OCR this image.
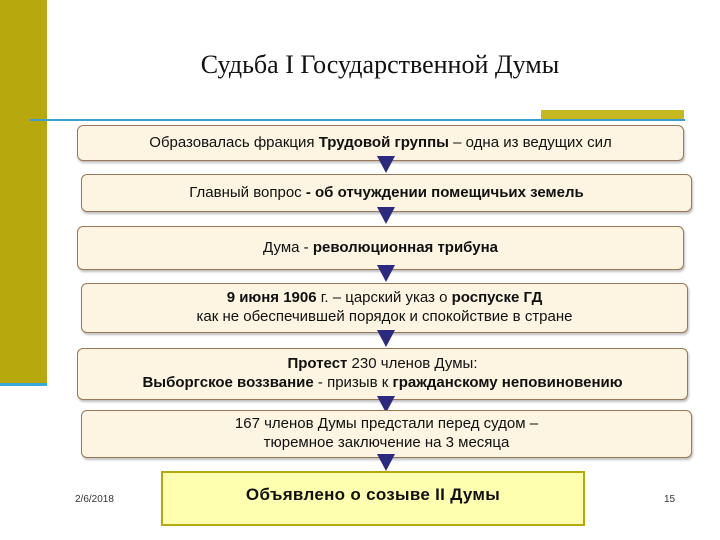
Судьба I Государственной Думы
Образовалась фракция Трудовой группы – одна из ведущих сил
Главный вопрос - об отчуждении помещичьих земель
Дума - революционная трибуна
9 июня 1906 г. – царский указ о роспуске ГД
как не обеспечившей порядок и спокойствие в стране
Протест 230 членов Думы:
Выборгское воззвание - призыв к гражданскому неповиновению
167 членов Думы предстали перед судом –
тюремное заключение на 3 месяца
Объявлено о созыве II Думы
2/6/2018	15
